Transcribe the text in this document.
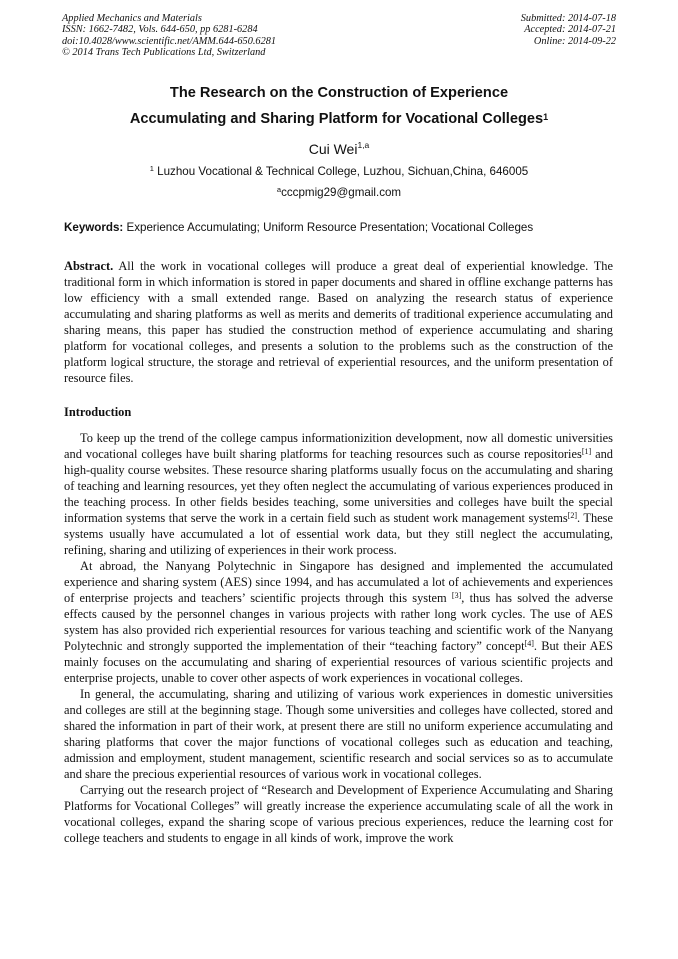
Applied Mechanics and Materials
ISSN: 1662-7482, Vols. 644-650, pp 6281-6284
doi:10.4028/www.scientific.net/AMM.644-650.6281
© 2014 Trans Tech Publications Ltd, Switzerland
Submitted: 2014-07-18
Accepted: 2014-07-21
Online: 2014-09-22
The Research on the Construction of Experience
Accumulating and Sharing Platform for Vocational Colleges$^1$
Cui Wei$^{1,a}$
$^1$ Luzhou Vocational & Technical College, Luzhou, Sichuan,China, 646005
$^a$cccpmig29@gmail.com
Keywords: Experience Accumulating; Uniform Resource Presentation; Vocational Colleges
Abstract. All the work in vocational colleges will produce a great deal of experiential knowledge. The traditional form in which information is stored in paper documents and shared in offline exchange patterns has low efficiency with a small extended range. Based on analyzing the research status of experience accumulating and sharing platforms as well as merits and demerits of traditional experience accumulating and sharing means, this paper has studied the construction method of experience accumulating and sharing platform for vocational colleges, and presents a solution to the problems such as the construction of the platform logical structure, the storage and retrieval of experiential resources, and the uniform presentation of resource files.
Introduction

To keep up the trend of the college campus informationizition development, now all domestic universities and vocational colleges have built sharing platforms for teaching resources such as course repositories[1] and high-quality course websites. These resource sharing platforms usually focus on the accumulating and sharing of teaching and learning resources, yet they often neglect the accumulating of various experiences produced in the teaching process. In other fields besides teaching, some universities and colleges have built the special information systems that serve the work in a certain field such as student work management systems[2]. These systems usually have accumulated a lot of essential work data, but they still neglect the accumulating, refining, sharing and utilizing of experiences in their work process.

At abroad, the Nanyang Polytechnic in Singapore has designed and implemented the accumulated experience and sharing system (AES) since 1994, and has accumulated a lot of achievements and experiences of enterprise projects and teachers’ scientific projects through this system [3], thus has solved the adverse effects caused by the personnel changes in various projects with rather long work cycles. The use of AES system has also provided rich experiential resources for various teaching and scientific work of the Nanyang Polytechnic and strongly supported the implementation of their “teaching factory” concept[4]. But their AES mainly focuses on the accumulating and sharing of experiential resources of various scientific projects and enterprise projects, unable to cover other aspects of work experiences in vocational colleges.

In general, the accumulating, sharing and utilizing of various work experiences in domestic universities and colleges are still at the beginning stage. Though some universities and colleges have collected, stored and shared the information in part of their work, at present there are still no uniform experience accumulating and sharing platforms that cover the major functions of vocational colleges such as education and teaching, admission and employment, student management, scientific research and social services so as to accumulate and share the precious experiential resources of various work in vocational colleges.

Carrying out the research project of “Research and Development of Experience Accumulating and Sharing Platforms for Vocational Colleges” will greatly increase the experience accumulating scale of all the work in vocational colleges, expand the sharing scope of various precious experiences, reduce the learning cost for college teachers and students to engage in all kinds of work, improve the work
